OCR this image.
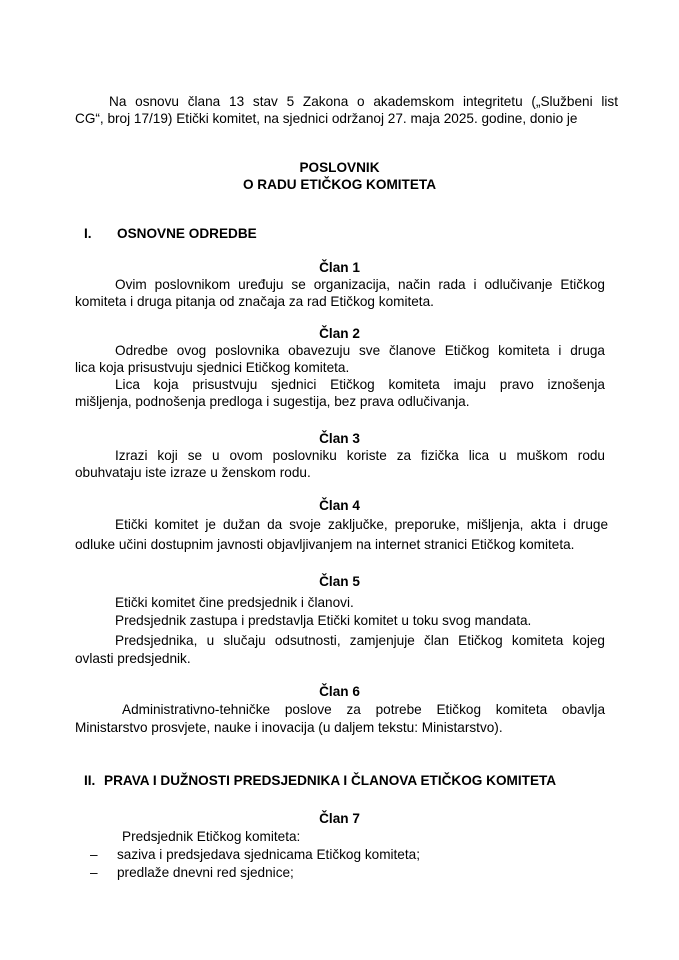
Na osnovu člana 13 stav 5 Zakona o akademskom integritetu („Službeni list
CG“, broj 17/19) Etički komitet, na sjednici održanoj 27. maja 2025. godine, donio je
POSLOVNIK
O RADU ETIČKOG KOMITETA
I. OSNOVNE ODREDBE
Član 1
Ovim poslovnikom uređuju se organizacija, način rada i odlučivanje Etičkog
komiteta i druga pitanja od značaja za rad Etičkog komiteta.
Član 2
Odredbe ovog poslovnika obavezuju sve članove Etičkog komiteta i druga
lica koja prisustvuju sjednici Etičkog komiteta.
Lica koja prisustvuju sjednici Etičkog komiteta imaju pravo iznošenja
mišljenja, podnošenja predloga i sugestija, bez prava odlučivanja.
Član 3
Izrazi koji se u ovom poslovniku koriste za fizička lica u muškom rodu
obuhvataju iste izraze u ženskom rodu.
Član 4
Etički komitet je dužan da svoje zaključke, preporuke, mišljenja, akta i druge
odluke učini dostupnim javnosti objavljivanjem na internet stranici Etičkog komiteta.
Član 5
Etički komitet čine predsjednik i članovi.
Predsjednik zastupa i predstavlja Etički komitet u toku svog mandata.
Predsjednika, u slučaju odsutnosti, zamjenjuje član Etičkog komiteta kojeg
ovlasti predsjednik.
Član 6
Administrativno-tehničke poslove za potrebe Etičkog komiteta obavlja
Ministarstvo prosvjete, nauke i inovacija (u daljem tekstu: Ministarstvo).
II. PRAVA I DUŽNOSTI PREDSJEDNIKA I ČLANOVA ETIČKOG KOMITETA
Član 7
Predsjednik Etičkog komiteta:
– saziva i predsjedava sjednicama Etičkog komiteta;
– predlaže dnevni red sjednice;
